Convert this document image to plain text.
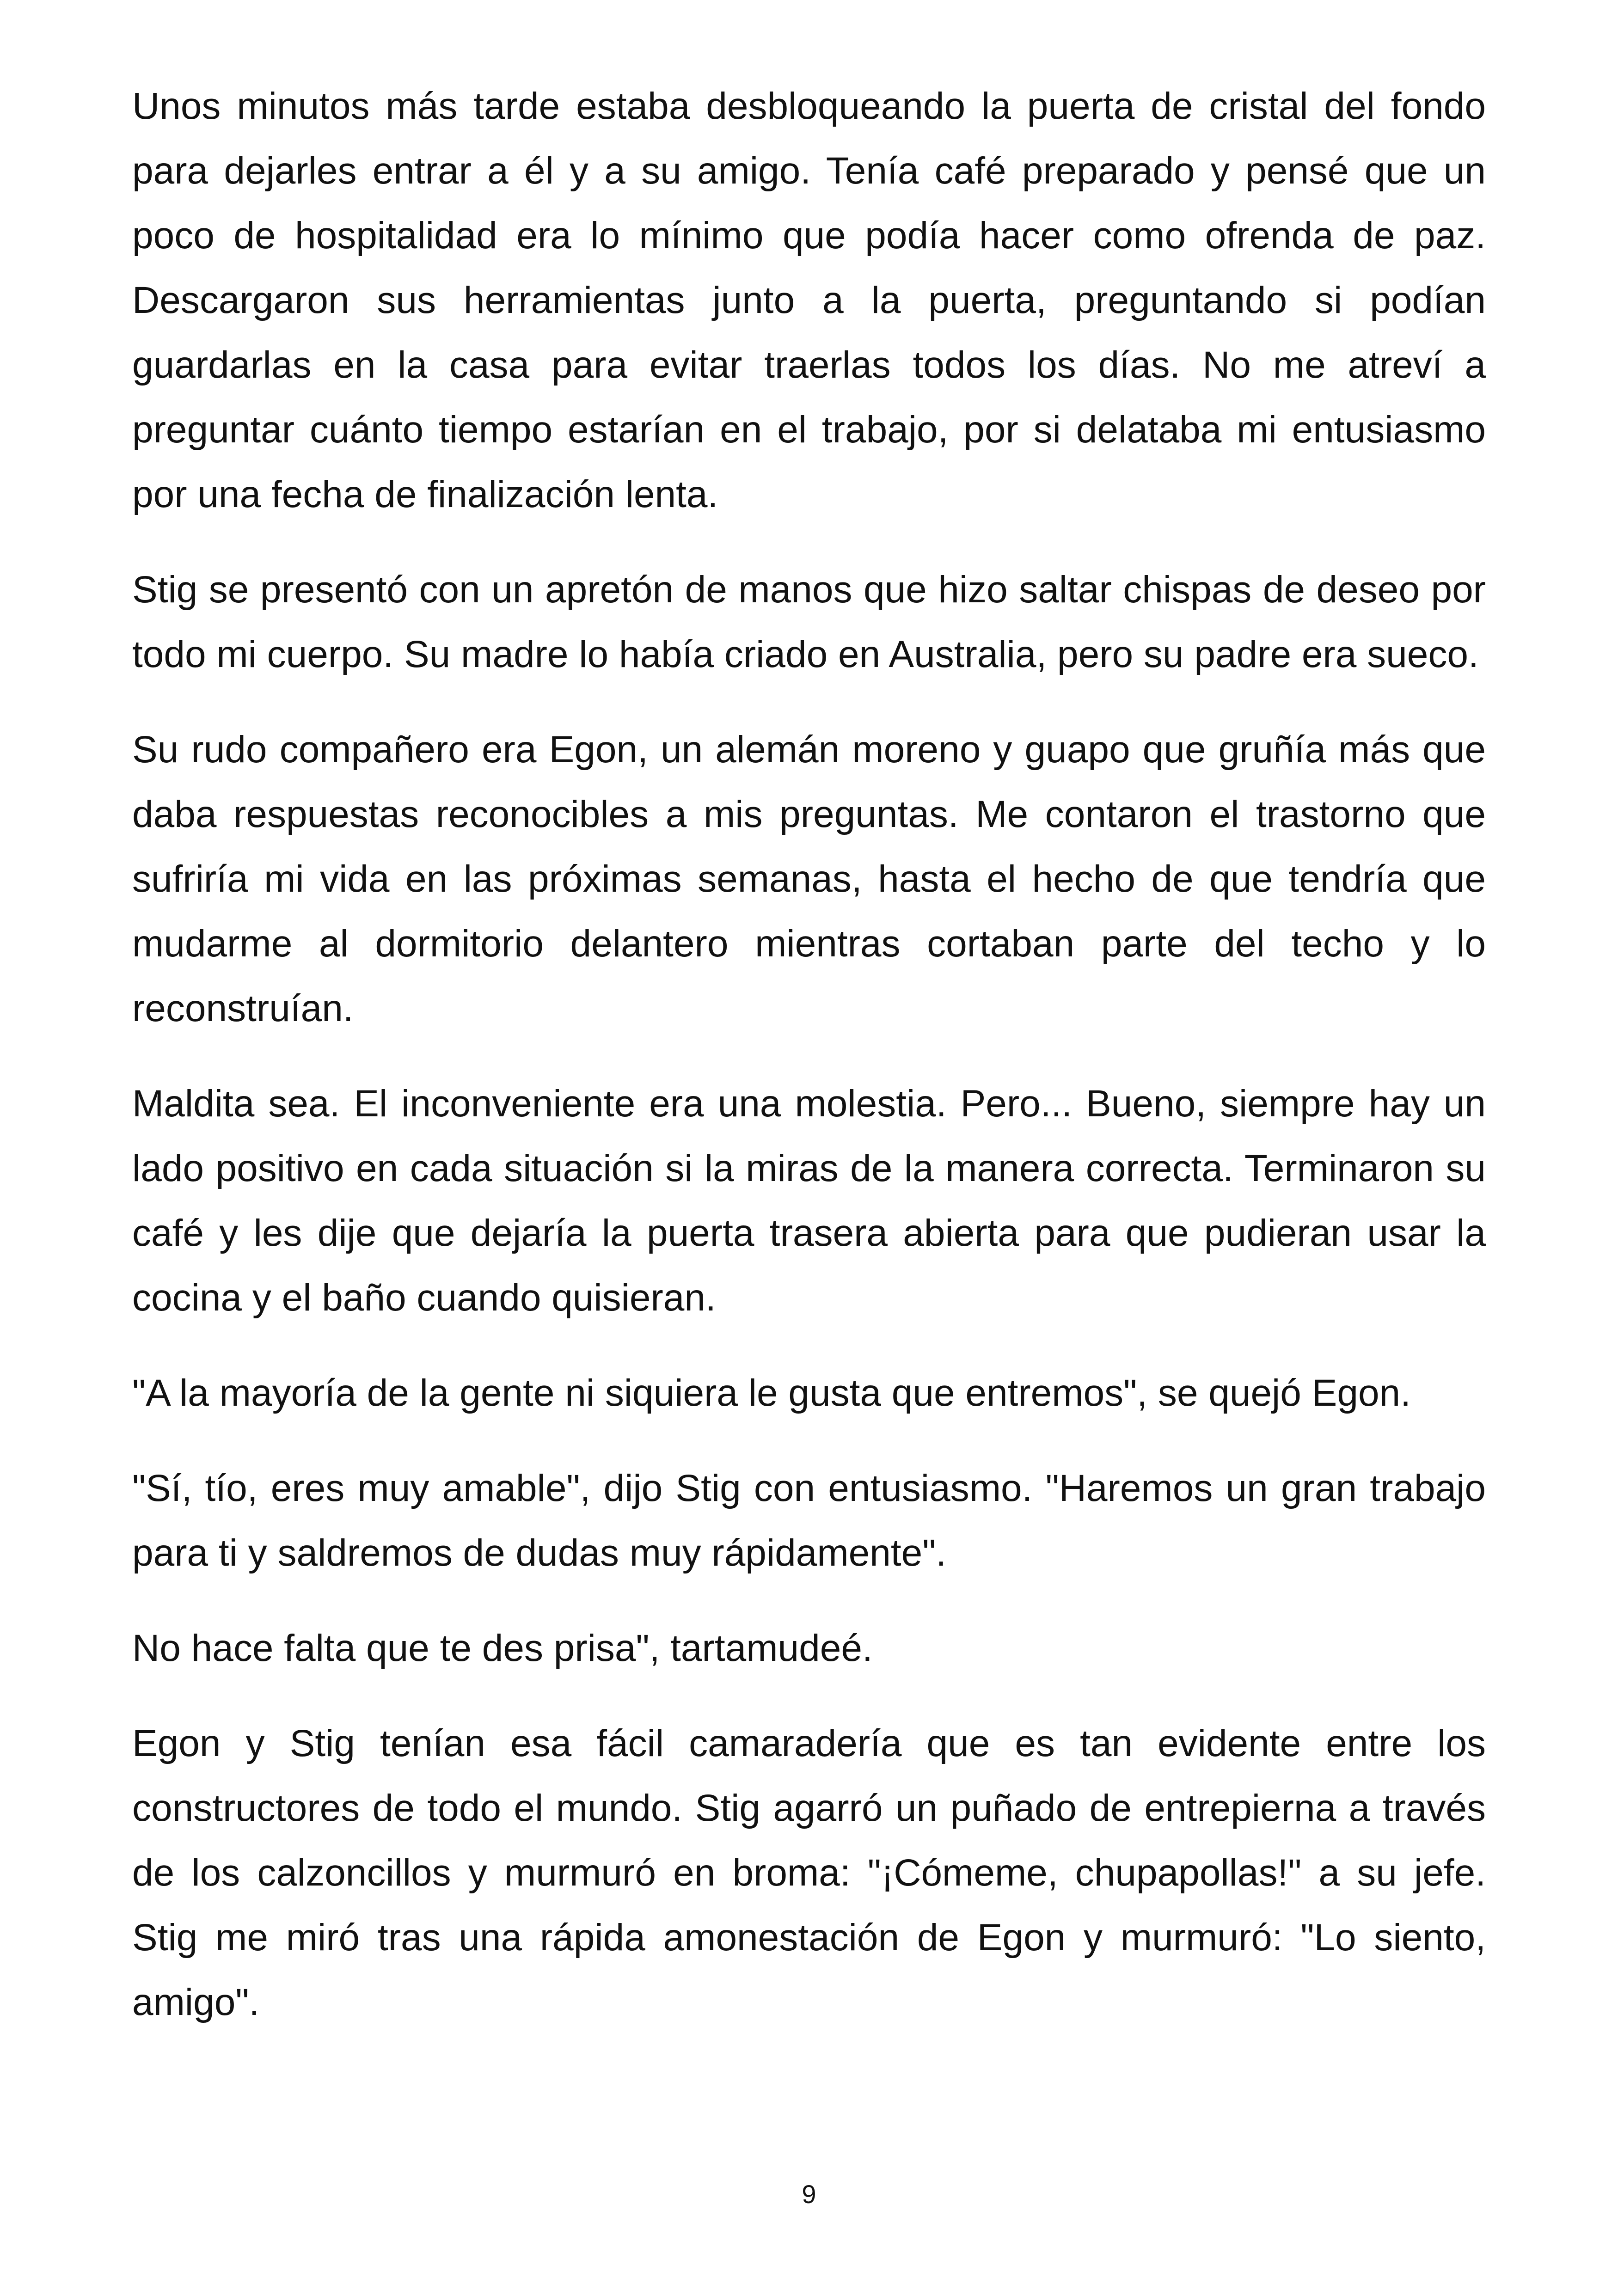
Unos minutos más tarde estaba desbloqueando la puerta de cristal del fondo para dejarles entrar a él y a su amigo. Tenía café preparado y pensé que un poco de hospitalidad era lo mínimo que podía hacer como ofrenda de paz. Descargaron sus herramientas junto a la puerta, preguntando si podían guardarlas en la casa para evitar traerlas todos los días. No me atreví a preguntar cuánto tiempo estarían en el trabajo, por si delataba mi entusiasmo por una fecha de finalización lenta.

Stig se presentó con un apretón de manos que hizo saltar chispas de deseo por todo mi cuerpo. Su madre lo había criado en Australia, pero su padre era sueco.

Su rudo compañero era Egon, un alemán moreno y guapo que gruñía más que daba respuestas reconocibles a mis preguntas. Me contaron el trastorno que sufriría mi vida en las próximas semanas, hasta el hecho de que tendría que mudarme al dormitorio delantero mientras cortaban parte del techo y lo reconstruían.

Maldita sea. El inconveniente era una molestia. Pero... Bueno, siempre hay un lado positivo en cada situación si la miras de la manera correcta. Terminaron su café y les dije que dejaría la puerta trasera abierta para que pudieran usar la cocina y el baño cuando quisieran.

"A la mayoría de la gente ni siquiera le gusta que entremos", se quejó Egon.

"Sí, tío, eres muy amable", dijo Stig con entusiasmo. "Haremos un gran trabajo para ti y saldremos de dudas muy rápidamente".

No hace falta que te des prisa", tartamudeé.

Egon y Stig tenían esa fácil camaradería que es tan evidente entre los constructores de todo el mundo. Stig agarró un puñado de entrepierna a través de los calzoncillos y murmuró en broma: "¡Cómeme, chupapollas!" a su jefe. Stig me miró tras una rápida amonestación de Egon y murmuró: "Lo siento, amigo".

9
